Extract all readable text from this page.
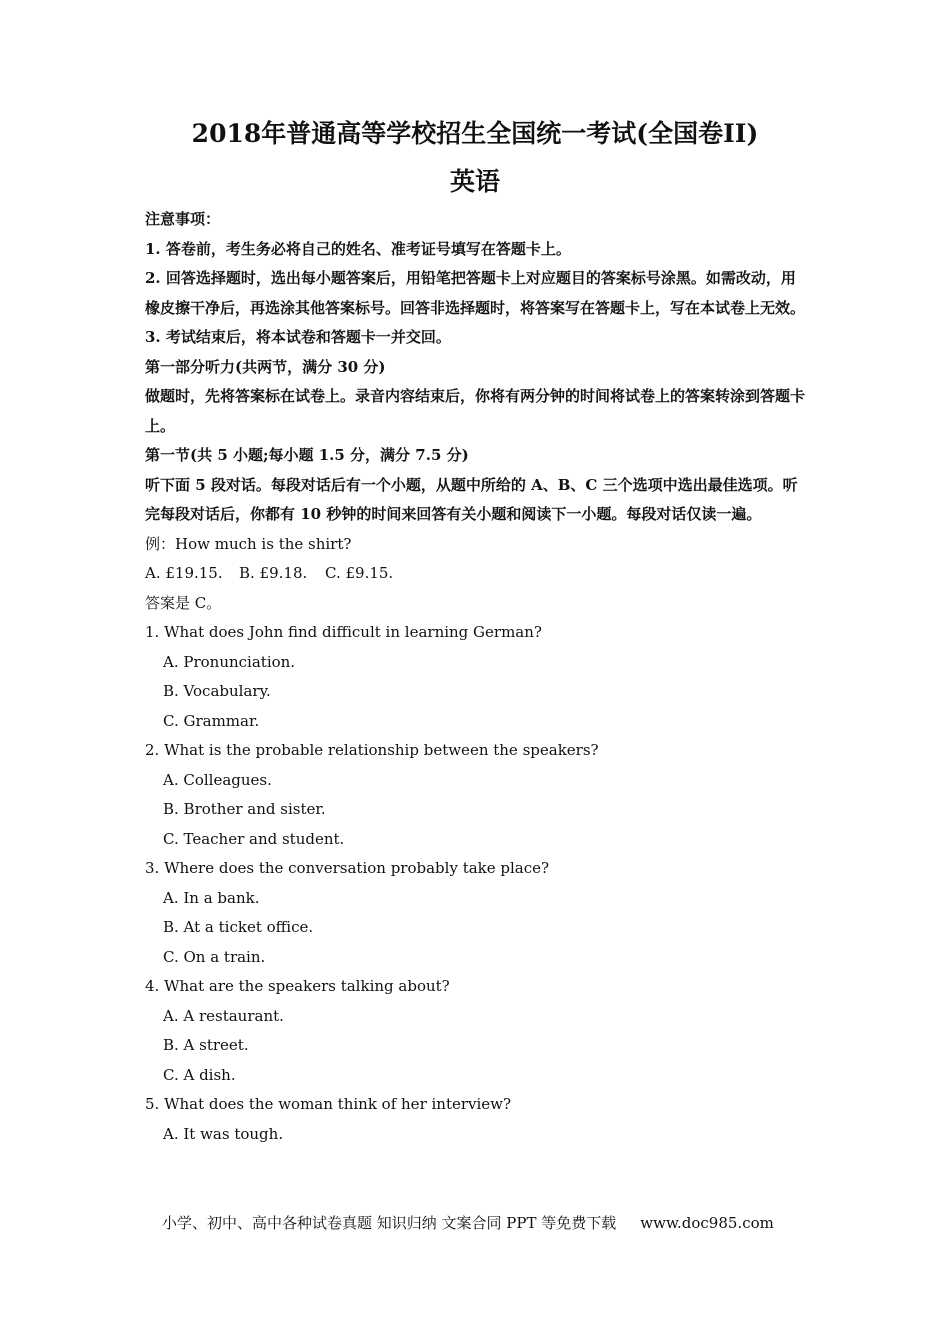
2018年普通高等学校招生全国统一考试(全国卷II)
英语
注意事项：
1. 答卷前，考生务必将自己的姓名、准考证号填写在答题卡上。
2. 回答选择题时，选出每小题答案后，用铅笔把答题卡上对应题目的答案标号涂黑。如需改动，用橡皮擦干净后，再选涂其他答案标号。回答非选择题时，将答案写在答题卡上，写在本试卷上无效。
3. 考试结束后，将本试卷和答题卡一并交回。
第一部分听力(共两节，满分 30 分)
做题时，先将答案标在试卷上。录音内容结束后，你将有两分钟的时间将试卷上的答案转涂到答题卡上。
第一节(共 5 小题;每小题 1.5 分，满分 7.5 分)
听下面 5 段对话。每段对话后有一个小题，从题中所给的 A、B、C 三个选项中选出最佳选项。听完每段对话后，你都有 10 秒钟的时间来回答有关小题和阅读下一小题。每段对话仅读一遍。
例：How much is the shirt?
A. £19.15. B. £9.18. C. £9.15.
答案是 C。
1. What does John find difficult in learning German?
A. Pronunciation.
B. Vocabulary.
C. Grammar.
2. What is the probable relationship between the speakers?
A. Colleagues.
B. Brother and sister.
C. Teacher and student.
3. Where does the conversation probably take place?
A. In a bank.
B. At a ticket office.
C. On a train.
4. What are the speakers talking about?
A. A restaurant.
B. A street.
C. A dish.
5. What does the woman think of her interview?
A. It was tough.
小学、初中、高中各种试卷真题 知识归纳 文案合同 PPT 等免费下载 www.doc985.com
